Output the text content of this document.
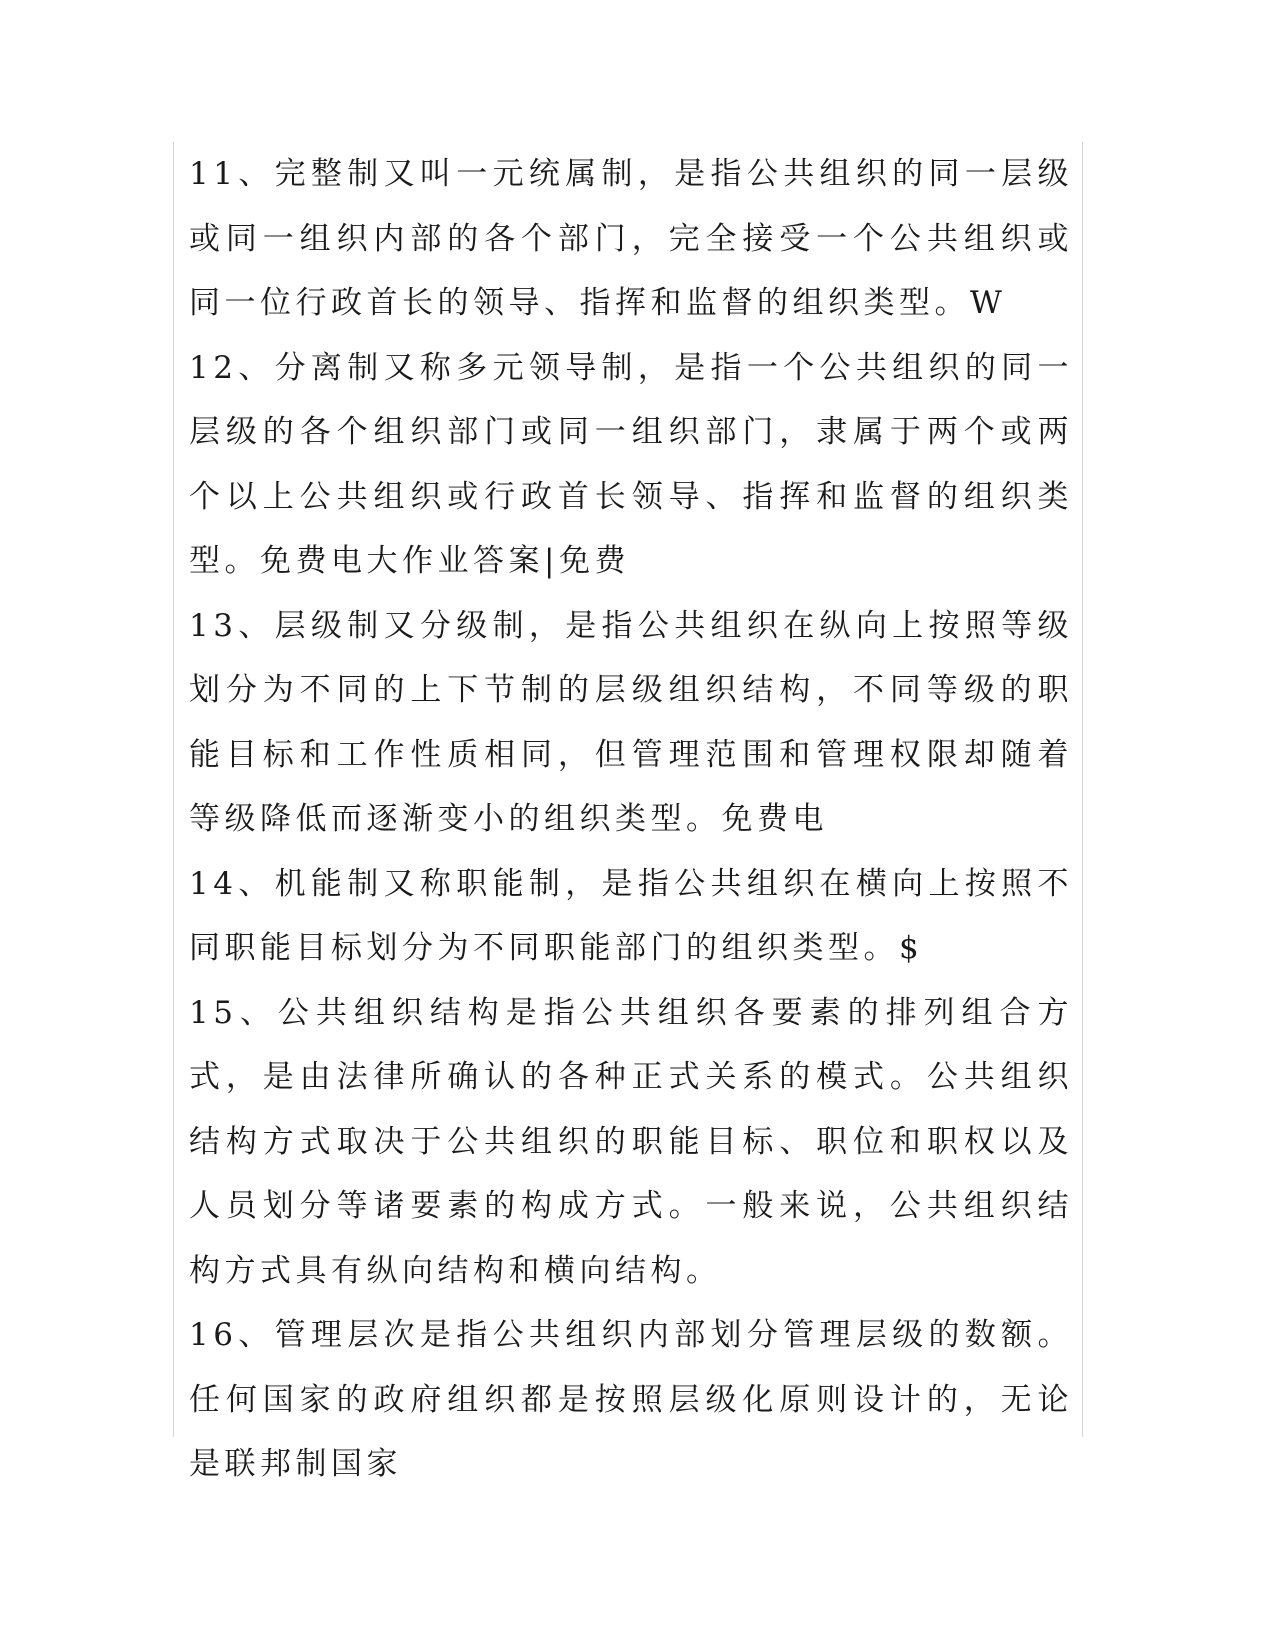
11、完整制又叫一元统属制，是指公共组织的同一层级或同一组织内部的各个部门，完全接受一个公共组织或同一位行政首长的领导、指挥和监督的组织类型。W

12、分离制又称多元领导制，是指一个公共组织的同一层级的各个组织部门或同一组织部门，隶属于两个或两个以上公共组织或行政首长领导、指挥和监督的组织类型。免费电大作业答案|免费

13、层级制又分级制，是指公共组织在纵向上按照等级划分为不同的上下节制的层级组织结构，不同等级的职能目标和工作性质相同，但管理范围和管理权限却随着等级降低而逐渐变小的组织类型。免费电

14、机能制又称职能制，是指公共组织在横向上按照不同职能目标划分为不同职能部门的组织类型。$

15、公共组织结构是指公共组织各要素的排列组合方式，是由法律所确认的各种正式关系的模式。公共组织结构方式取决于公共组织的职能目标、职位和职权以及人员划分等诸要素的构成方式。一般来说，公共组织结构方式具有纵向结构和横向结构。

16、管理层次是指公共组织内部划分管理层级的数额。任何国家的政府组织都是按照层级化原则设计的，无论是联邦制国家
